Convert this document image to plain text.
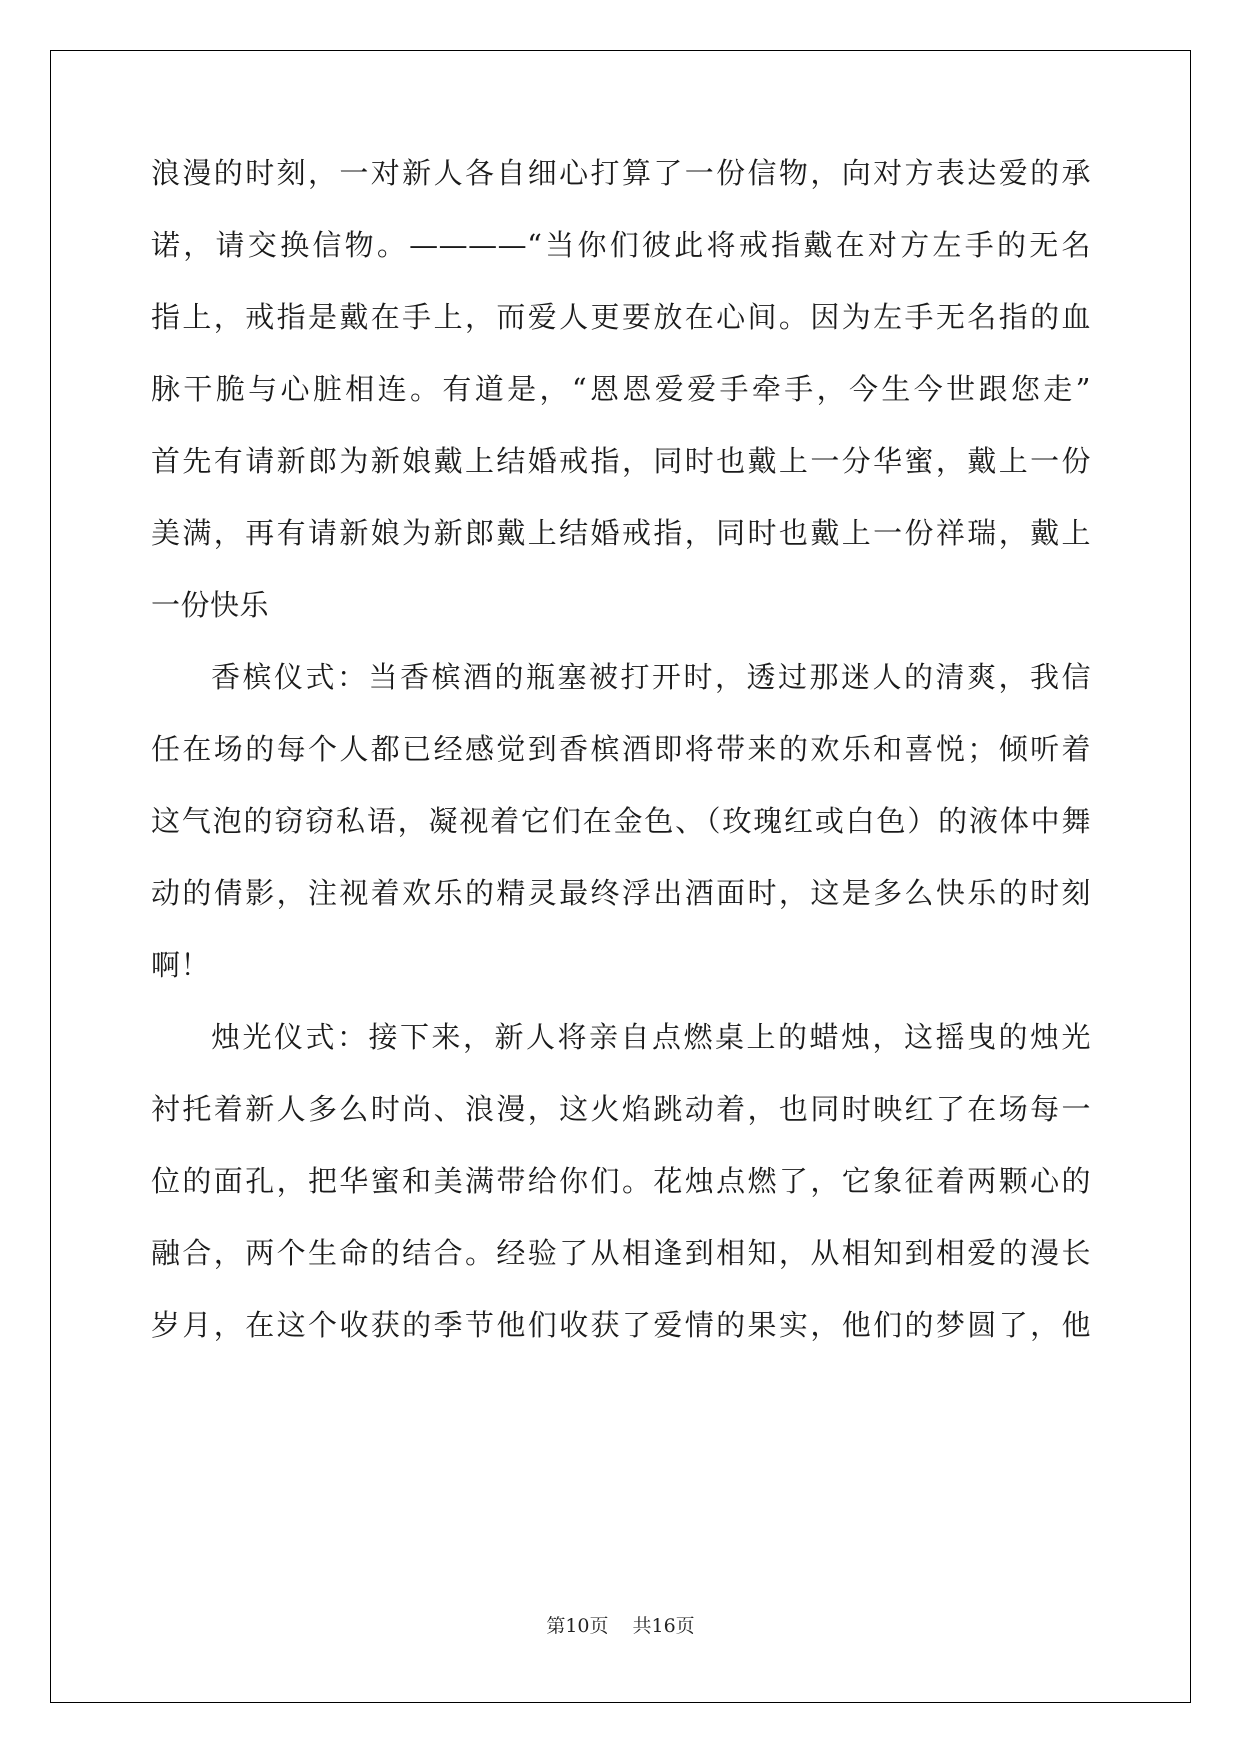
浪漫的时刻，一对新人各自细心打算了一份信物，向对方表达爱的承
诺，请交换信物。————“当你们彼此将戒指戴在对方左手的无名
指上，戒指是戴在手上，而爱人更要放在心间。因为左手无名指的血
脉干脆与心脏相连。有道是，“恩恩爱爱手牵手，今生今世跟您走”
首先有请新郎为新娘戴上结婚戒指，同时也戴上一分华蜜，戴上一份
美满，再有请新娘为新郎戴上结婚戒指，同时也戴上一份祥瑞，戴上
一份快乐
香槟仪式：当香槟酒的瓶塞被打开时，透过那迷人的清爽，我信
任在场的每个人都已经感觉到香槟酒即将带来的欢乐和喜悦；倾听着
这气泡的窃窃私语，凝视着它们在金色、（玫瑰红或白色）的液体中舞
动的倩影，注视着欢乐的精灵最终浮出酒面时，这是多么快乐的时刻
啊！
烛光仪式：接下来，新人将亲自点燃桌上的蜡烛，这摇曳的烛光
衬托着新人多么时尚、浪漫，这火焰跳动着，也同时映红了在场每一
位的面孔，把华蜜和美满带给你们。花烛点燃了，它象征着两颗心的
融合，两个生命的结合。经验了从相逢到相知，从相知到相爱的漫长
岁月，在这个收获的季节他们收获了爱情的果实，他们的梦圆了，他
第10页 共16页
